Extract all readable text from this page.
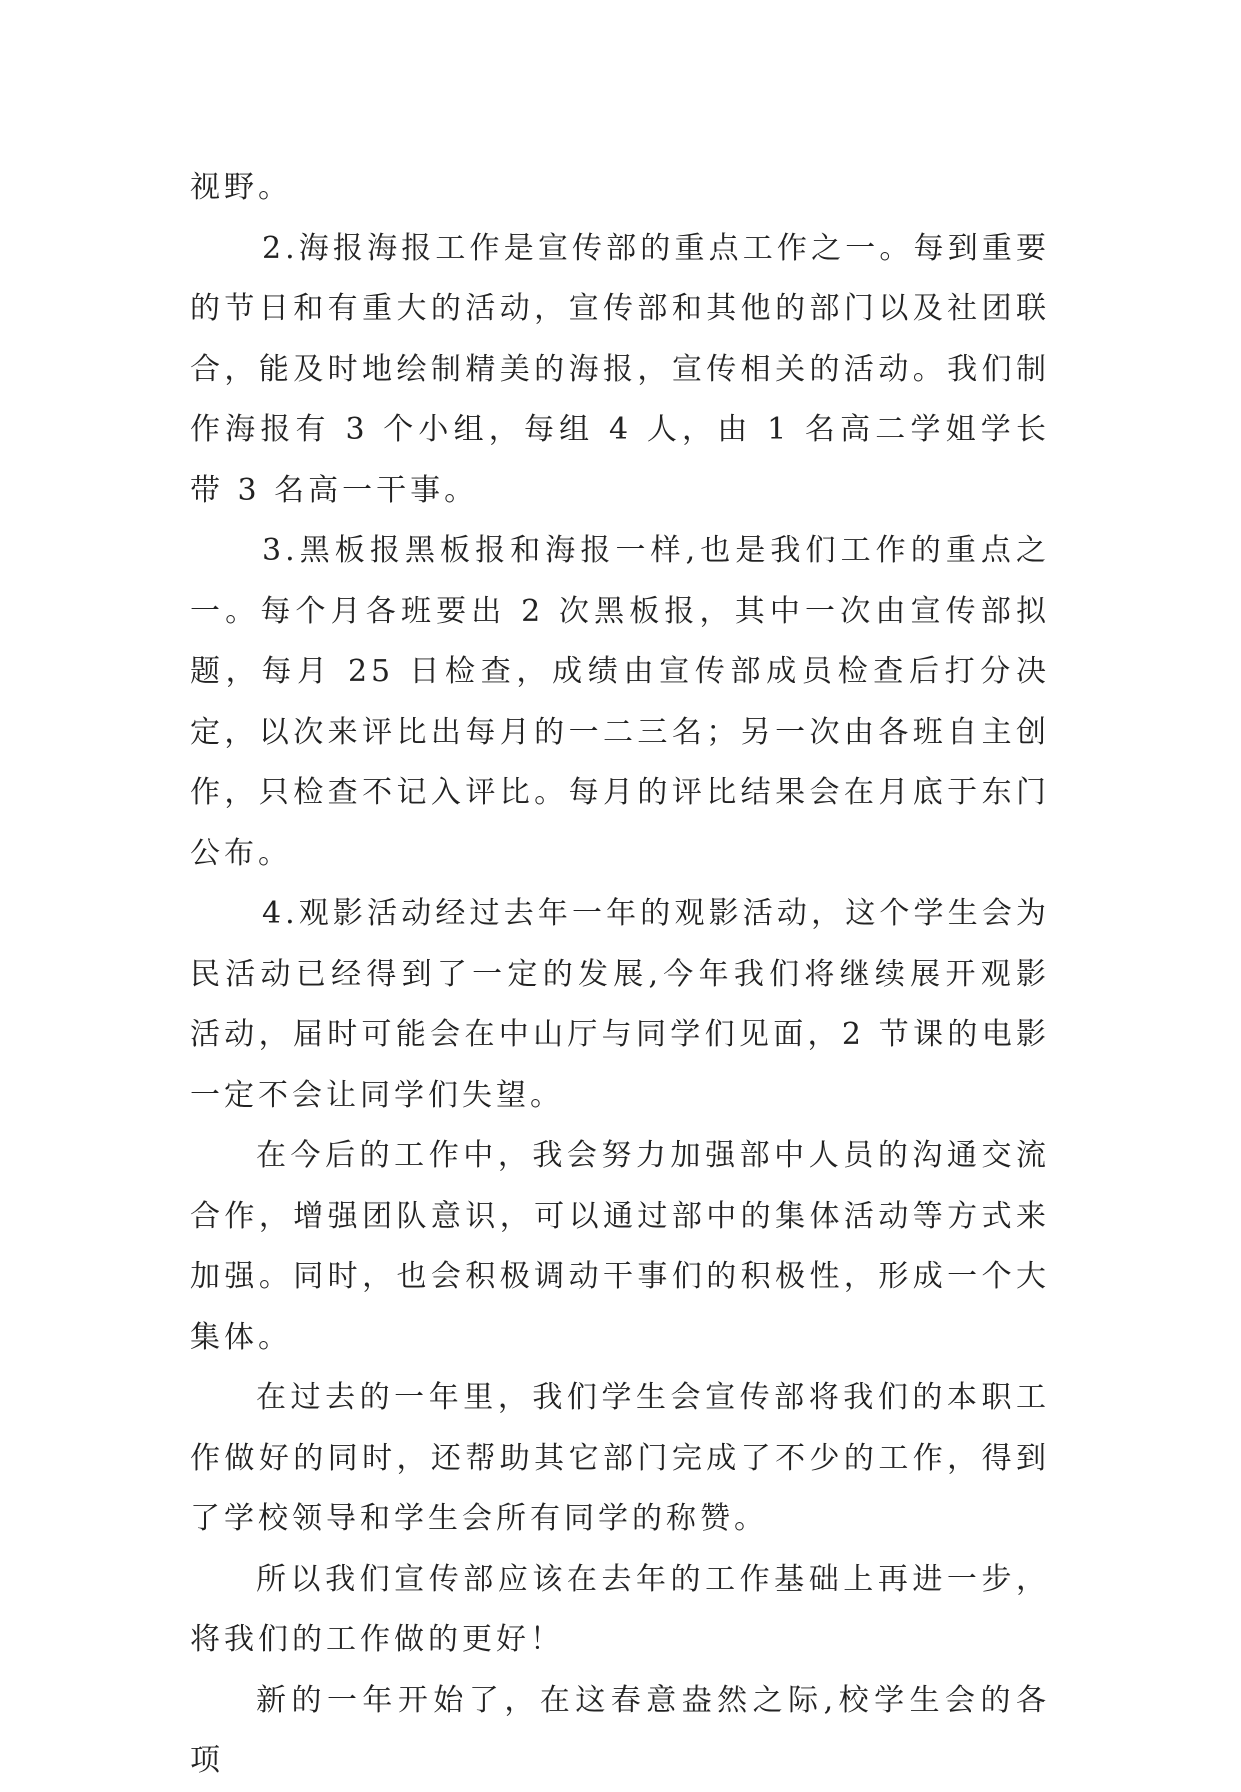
视野。

2.海报海报工作是宣传部的重点工作之一。每到重要的节日和有重大的活动，宣传部和其他的部门以及社团联合，能及时地绘制精美的海报，宣传相关的活动。我们制作海报有 3 个小组，每组 4 人，由 1 名高二学姐学长带 3 名高一干事。

3.黑板报黑板报和海报一样,也是我们工作的重点之一。每个月各班要出 2 次黑板报，其中一次由宣传部拟题，每月 25 日检查，成绩由宣传部成员检查后打分决定，以次来评比出每月的一二三名；另一次由各班自主创作，只检查不记入评比。每月的评比结果会在月底于东门公布。

4.观影活动经过去年一年的观影活动，这个学生会为民活动已经得到了一定的发展,今年我们将继续展开观影活动，届时可能会在中山厅与同学们见面，2 节课的电影一定不会让同学们失望。

在今后的工作中，我会努力加强部中人员的沟通交流合作，增强团队意识，可以通过部中的集体活动等方式来加强。同时，也会积极调动干事们的积极性，形成一个大集体。

在过去的一年里，我们学生会宣传部将我们的本职工作做好的同时，还帮助其它部门完成了不少的工作，得到了学校领导和学生会所有同学的称赞。

所以我们宣传部应该在去年的工作基础上再进一步，将我们的工作做的更好！

新的一年开始了，在这春意盎然之际,校学生会的各项
